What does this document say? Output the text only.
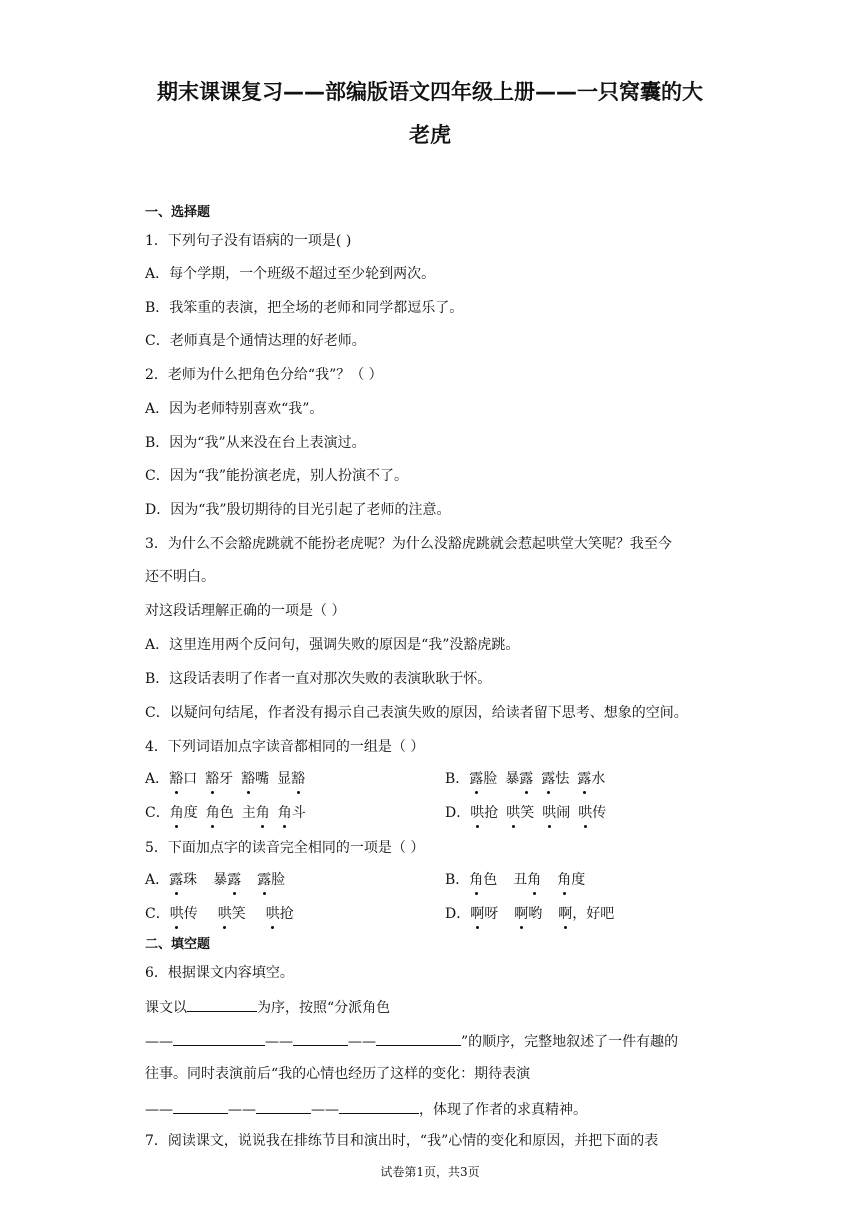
期末课课复习——部编版语文四年级上册——一只窝囊的大
老虎
一、选择题
1．下列句子没有语病的一项是( )
A．每个学期，一个班级不超过至少轮到两次。
B．我笨重的表演，把全场的老师和同学都逗乐了。
C．老师真是个通情达理的好老师。
2．老师为什么把角色分给“我”？（ ）
A．因为老师特别喜欢“我”。
B．因为“我”从来没在台上表演过。
C．因为“我”能扮演老虎，别人扮演不了。
D．因为“我”殷切期待的目光引起了老师的注意。
3．为什么不会豁虎跳就不能扮老虎呢？为什么没豁虎跳就会惹起哄堂大笑呢？我至今
还不明白。
对这段话理解正确的一项是（ ）
A．这里连用两个反问句，强调失败的原因是“我”没豁虎跳。
B．这段话表明了作者一直对那次失败的表演耿耿于怀。
C．以疑问句结尾，作者没有揭示自己表演失败的原因，给读者留下思考、想象的空间。
4．下列词语加点字读音都相同的一组是（ ）
A．豁口 豁牙 豁嘴 显豁	B．露脸 暴露 露怯 露水
C．角度 角色 主角 角斗	D．哄抢 哄笑 哄闹 哄传
5．下面加点字的读音完全相同的一项是（ ）
A．露珠 暴露 露脸	B．角色 丑角 角度
C．哄传 哄笑 哄抢	D．啊呀 啊哟 啊，好吧
二、填空题
6．根据课文内容填空。
课文以	为序，按照“分派角色
——	——	——	”的顺序，完整地叙述了一件有趣的
往事。同时表演前后“我的心情也经历了这样的变化：期待表演
——	——	——	，体现了作者的求真精神。
7．阅读课文，说说我在排练节目和演出时，“我”心情的变化和原因，并把下面的表
试卷第1页，共3页
